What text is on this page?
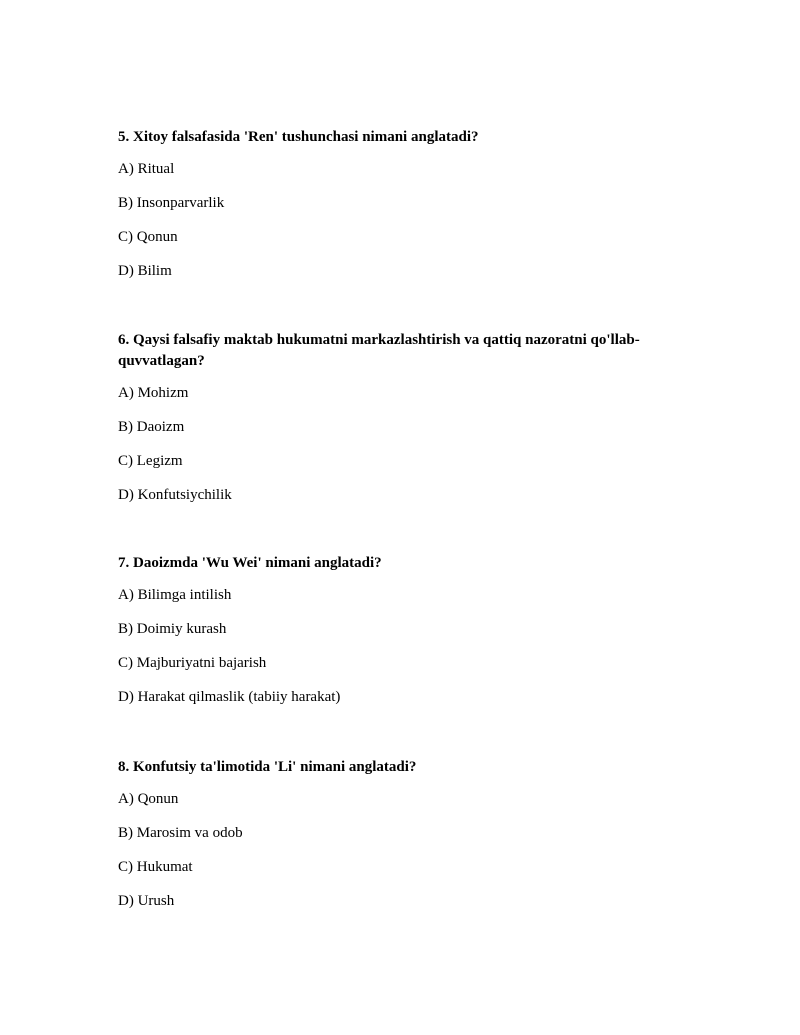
5. Xitoy falsafasida 'Ren' tushunchasi nimani anglatadi?
A) Ritual
B) Insonparvarlik
C) Qonun
D) Bilim
6. Qaysi falsafiy maktab hukumatni markazlashtirish va qattiq nazoratni qo'llab-
quvvatlagan?
A) Mohizm
B) Daoizm
C) Legizm
D) Konfutsiychilik
7. Daoizmda 'Wu Wei' nimani anglatadi?
A) Bilimga intilish
B) Doimiy kurash
C) Majburiyatni bajarish
D) Harakat qilmaslik (tabiiy harakat)
8. Konfutsiy ta'limotida 'Li' nimani anglatadi?
A) Qonun
B) Marosim va odob
C) Hukumat
D) Urush
